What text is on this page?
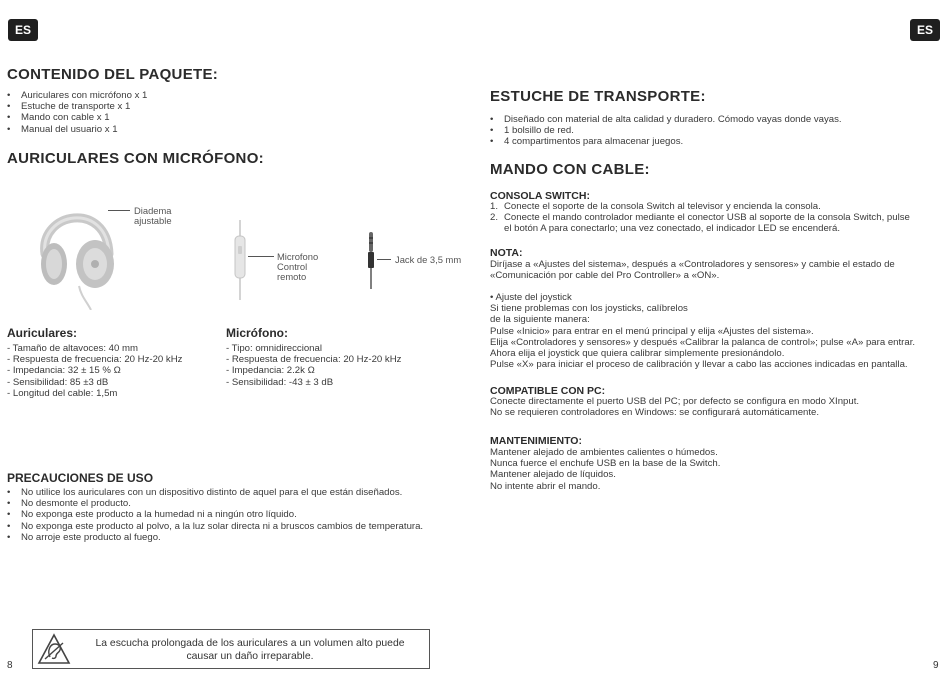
ES	ES
CONTENIDO DEL PAQUETE:
• Auriculares con micrófono x 1
• Estuche de transporte x 1
• Mando con cable x 1
• Manual del usuario x 1
AURICULARES CON MICRÓFONO:
Diadema
ajustable
Microfono
Control
remoto
Jack de 3,5 mm
Auriculares:
- Tamaño de altavoces: 40 mm
- Respuesta de frecuencia: 20 Hz-20 kHz
- Impedancia: 32 ± 15 % Ω
- Sensibilidad: 85 ±3 dB
- Longitud del cable: 1,5m
Micrófono:
- Tipo: omnidireccional
- Respuesta de frecuencia: 20 Hz-20 kHz
- Impedancia: 2.2k Ω
- Sensibilidad: -43 ± 3 dB
PRECAUCIONES DE USO
• No utilice los auriculares con un dispositivo distinto de aquel para el que están diseñados.
• No desmonte el producto.
• No exponga este producto a la humedad ni a ningún otro líquido.
• No exponga este producto al polvo, a la luz solar directa ni a bruscos cambios de temperatura.
• No arroje este producto al fuego.
La escucha prolongada de los auriculares a un volumen alto puede
causar un daño irreparable.
8
ESTUCHE DE TRANSPORTE:
• Diseñado con material de alta calidad y duradero. Cómodo vayas donde vayas.
• 1 bolsillo de red.
• 4 compartimentos para almacenar juegos.
MANDO CON CABLE:
CONSOLA SWITCH:
1. Conecte el soporte de la consola Switch al televisor y encienda la consola.
2. Conecte el mando controlador mediante el conector USB al soporte de la consola Switch, pulse
el botón A para conectarlo; una vez conectado, el indicador LED se encenderá.
NOTA:
Diríjase a «Ajustes del sistema», después a «Controladores y sensores» y cambie el estado de
«Comunicación por cable del Pro Controller» a «ON».
• Ajuste del joystick
Si tiene problemas con los joysticks, calíbrelos
de la siguiente manera:
Pulse «Inicio» para entrar en el menú principal y elija «Ajustes del sistema».
Elija «Controladores y sensores» y después «Calibrar la palanca de control»; pulse «A» para entrar.
Ahora elija el joystick que quiera calibrar simplemente presionándolo.
Pulse «X» para iniciar el proceso de calibración y llevar a cabo las acciones indicadas en pantalla.
COMPATIBLE CON PC:
Conecte directamente el puerto USB del PC; por defecto se configura en modo XInput.
No se requieren controladores en Windows: se configurará automáticamente.
MANTENIMIENTO:
Mantener alejado de ambientes calientes o húmedos.
Nunca fuerce el enchufe USB en la base de la Switch.
Mantener alejado de líquidos.
No intente abrir el mando.
9
